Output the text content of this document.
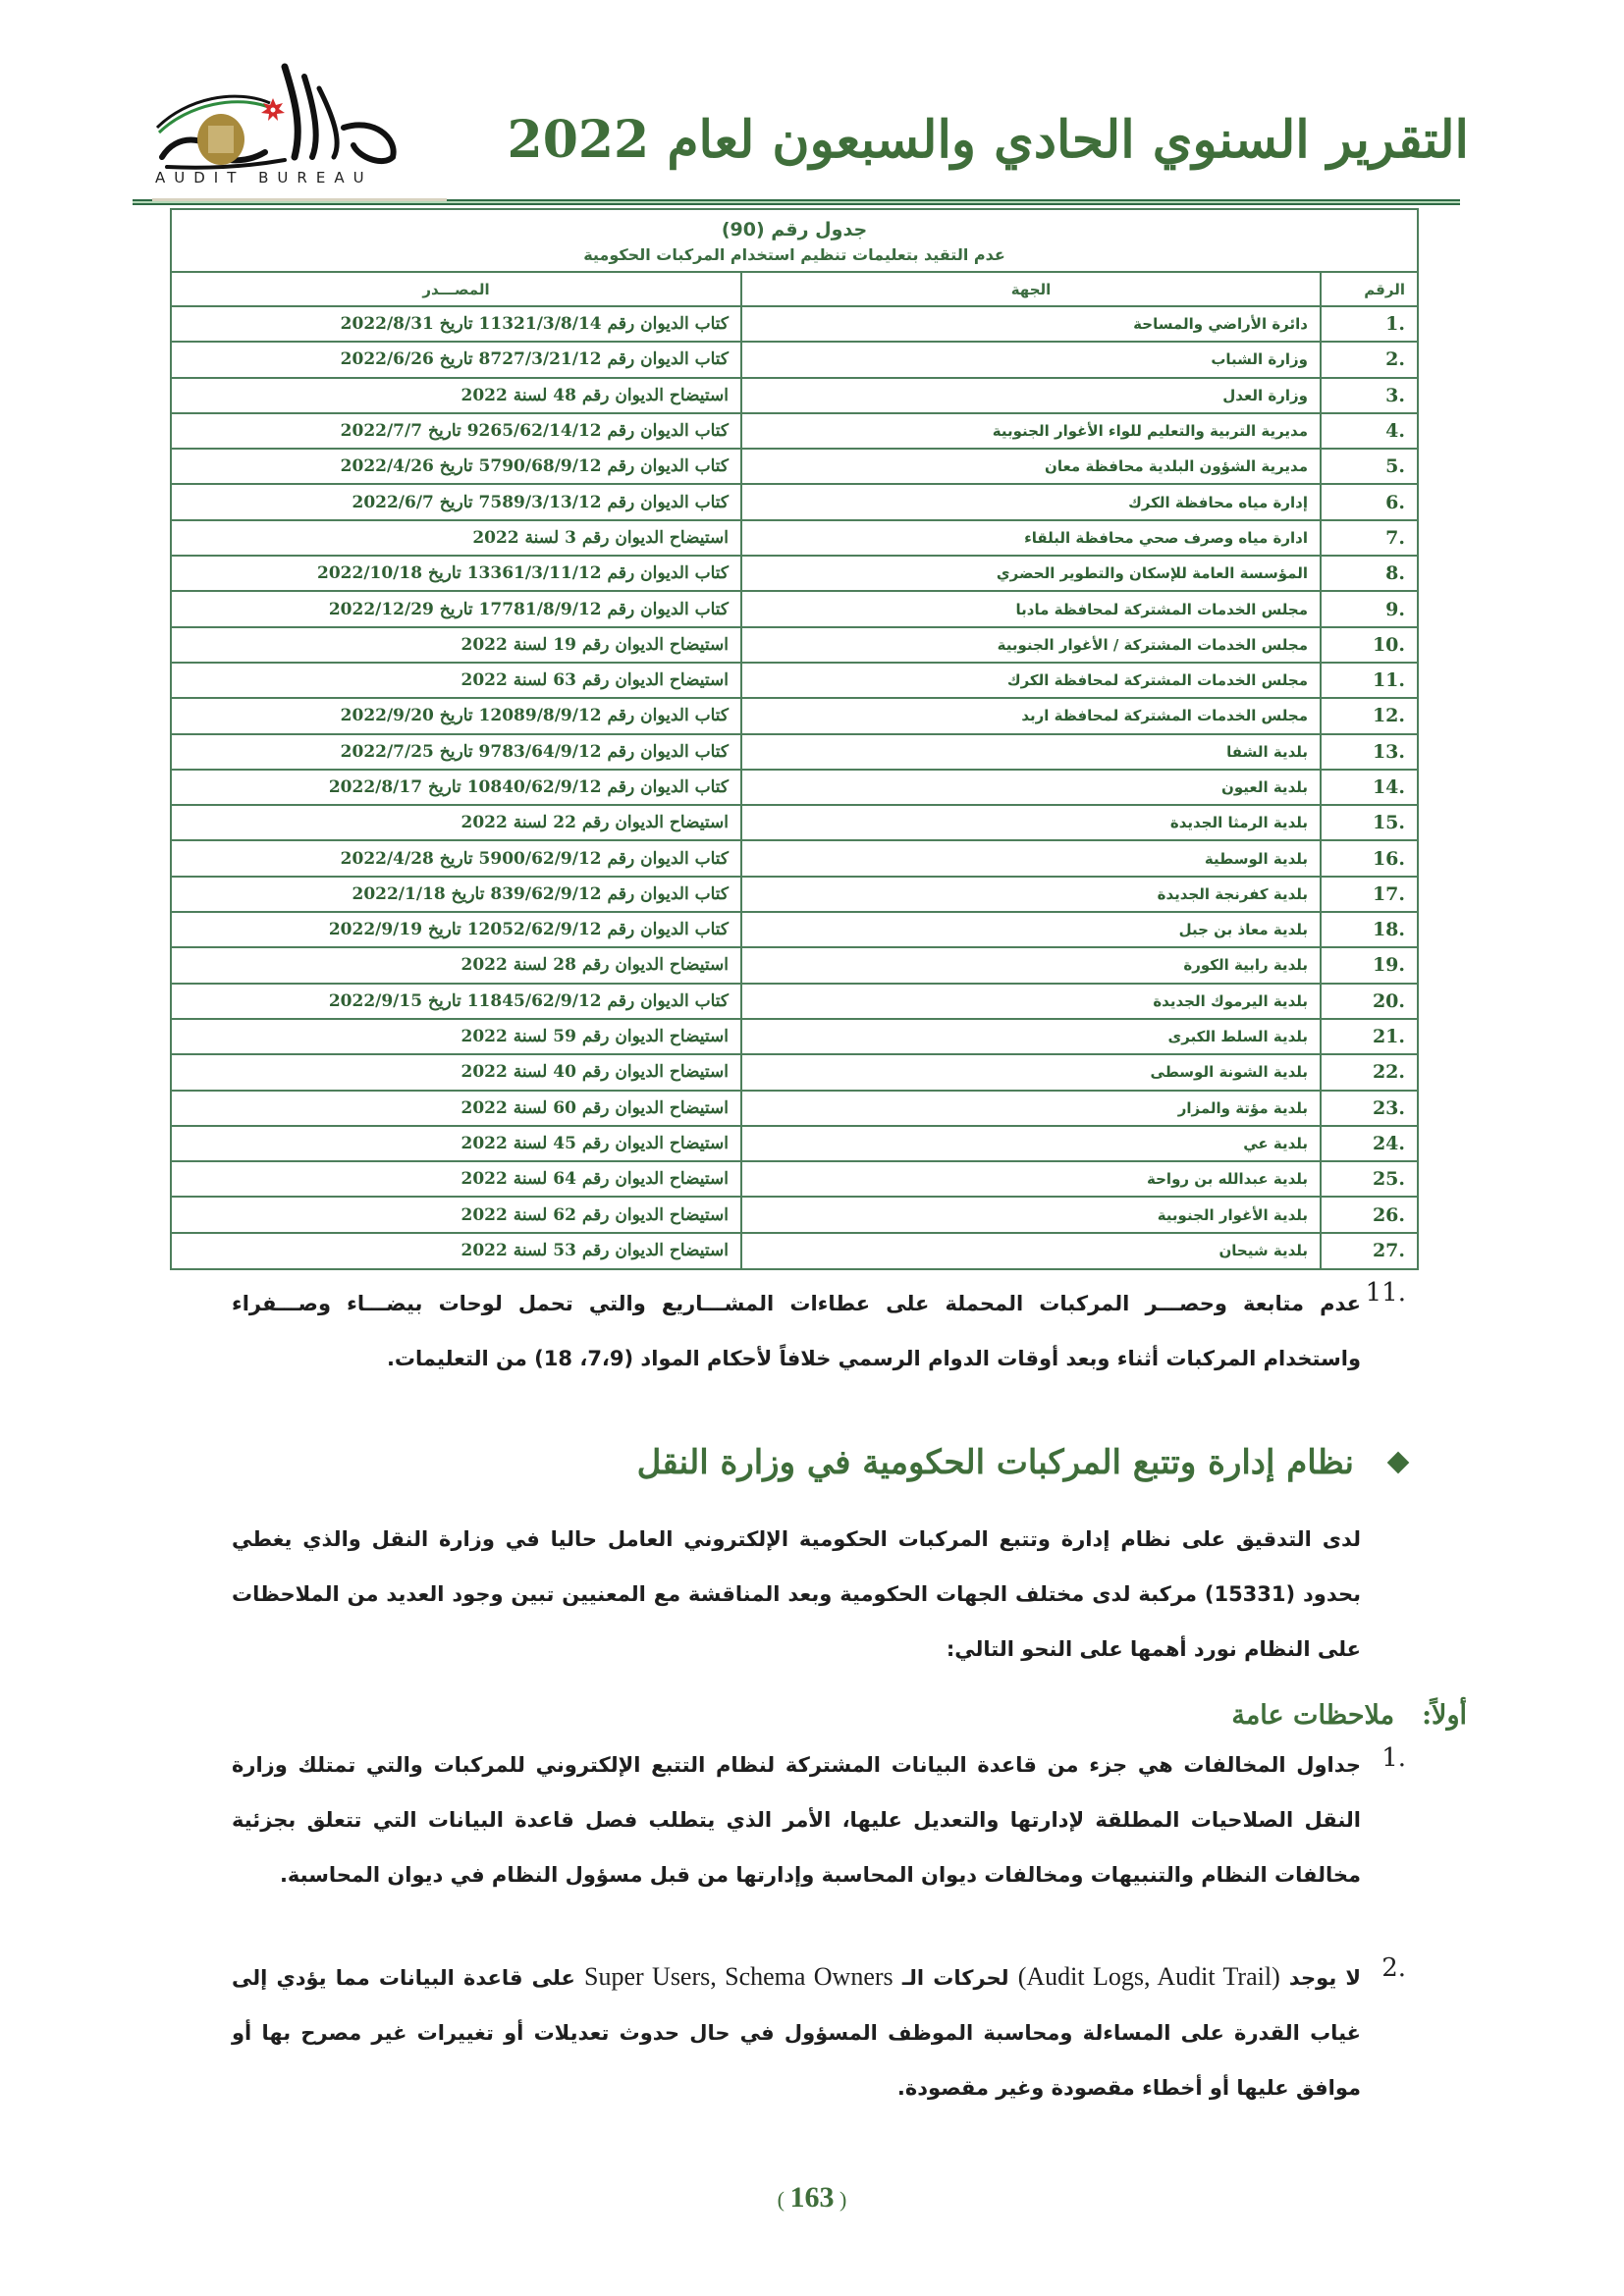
التقرير السنوي الحادي والسبعون لعام 2022
AUDIT BUREAU
جدول رقم (90)
عدم التقيد بتعليمات تنظيم استخدام المركبات الحكومية
الرقم	الجهة	المصـــدر
1.	دائرة الأراضي والمساحة	كتاب الديوان رقم 11321/3/8/14 تاريخ 2022/8/31
2.	وزارة الشباب	كتاب الديوان رقم 8727/3/21/12 تاريخ 2022/6/26
3.	وزارة العدل	استيضاح الديوان رقم 48 لسنة 2022
4.	مديرية التربية والتعليم للواء الأغوار الجنوبية	كتاب الديوان رقم 9265/62/14/12 تاريخ 2022/7/7
5.	مديرية الشؤون البلدية محافظة معان	كتاب الديوان رقم 5790/68/9/12 تاريخ 2022/4/26
6.	إدارة مياه محافظة الكرك	كتاب الديوان رقم 7589/3/13/12 تاريخ 2022/6/7
7.	ادارة مياه وصرف صحي محافظة البلقاء	استيضاح الديوان رقم 3 لسنة 2022
8.	المؤسسة العامة للإسكان والتطوير الحضري	كتاب الديوان رقم 13361/3/11/12 تاريخ 2022/10/18
9.	مجلس الخدمات المشتركة لمحافظة مادبا	كتاب الديوان رقم 17781/8/9/12 تاريخ 2022/12/29
10.	مجلس الخدمات المشتركة / الأغوار الجنوبية	استيضاح الديوان رقم 19 لسنة 2022
11.	مجلس الخدمات المشتركة لمحافظة الكرك	استيضاح الديوان رقم 63 لسنة 2022
12.	مجلس الخدمات المشتركة لمحافظة اربد	كتاب الديوان رقم 12089/8/9/12 تاريخ 2022/9/20
13.	بلدية الشفا	كتاب الديوان رقم 9783/64/9/12 تاريخ 2022/7/25
14.	بلدية العيون	كتاب الديوان رقم 10840/62/9/12 تاريخ 2022/8/17
15.	بلدية الرمثا الجديدة	استيضاح الديوان رقم 22 لسنة 2022
16.	بلدية الوسطية	كتاب الديوان رقم 5900/62/9/12 تاريخ 2022/4/28
17.	بلدية كفرنجة الجديدة	كتاب الديوان رقم 839/62/9/12 تاريخ 2022/1/18
18.	بلدية معاذ بن جبل	كتاب الديوان رقم 12052/62/9/12 تاريخ 2022/9/19
19.	بلدية رابية الكورة	استيضاح الديوان رقم 28 لسنة 2022
20.	بلدية اليرموك الجديدة	كتاب الديوان رقم 11845/62/9/12 تاريخ 2022/9/15
21.	بلدية السلط الكبرى	استيضاح الديوان رقم 59 لسنة 2022
22.	بلدية الشونة الوسطى	استيضاح الديوان رقم 40 لسنة 2022
23.	بلدية مؤتة والمزار	استيضاح الديوان رقم 60 لسنة 2022
24.	بلدية عي	استيضاح الديوان رقم 45 لسنة 2022
25.	بلدية عبدالله بن رواحة	استيضاح الديوان رقم 64 لسنة 2022
26.	بلدية الأغوار الجنوبية	استيضاح الديوان رقم 62 لسنة 2022
27.	بلدية شيحان	استيضاح الديوان رقم 53 لسنة 2022
11.

عدم متابعة وحصـــر المركبات المحملة على عطاءات المشـــاريع والتي تحمل لوحات بيضـــاء وصـــفراء واستخدام المركبات أثناء وبعد أوقات الدوام الرسمي خلافاً لأحكام المواد (7،9، 18) من التعليمات.

نظام إدارة وتتبع المركبات الحكومية في وزارة النقل

لدى التدقيق على نظام إدارة وتتبع المركبات الحكومية الإلكتروني العامل حاليا في وزارة النقل والذي يغطي بحدود (15331) مركبة لدى مختلف الجهات الحكومية وبعد المناقشة مع المعنيين تبين وجود العديد من الملاحظات على النظام نورد أهمها على النحو التالي:

أولاً:ملاحظات عامة
1.

جداول المخالفات هي جزء من قاعدة البيانات المشتركة لنظام التتبع الإلكتروني للمركبات والتي تمتلك وزارة النقل الصلاحيات المطلقة لإدارتها والتعديل عليها، الأمر الذي يتطلب فصل قاعدة البيانات التي تتعلق بجزئية مخالفات النظام والتنبيهات ومخالفات ديوان المحاسبة وإدارتها من قبل مسؤول النظام في ديوان المحاسبة.

2.

لا يوجد (Audit Logs, Audit Trail) لحركات الـ Super Users, Schema Owners على قاعدة البيانات مما يؤدي إلى غياب القدرة على المساءلة ومحاسبة الموظف المسؤول في حال حدوث تعديلات أو تغييرات غير مصرح بها أو موافق عليها أو أخطاء مقصودة وغير مقصودة.

( 163 )
